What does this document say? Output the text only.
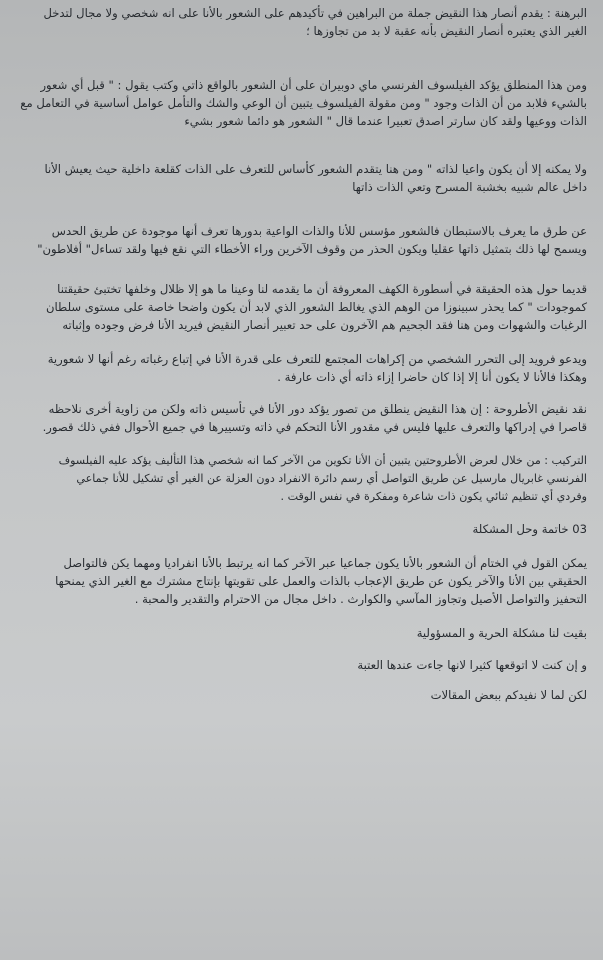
البرهنة : يقدم أنصار هذا النقيض جملة من البراهين في تأكيدهم على الشعور بالأنا على انه شخصي ولا مجال لتدخل
الغير الذي يعتبره أنصار النقيض بأنه عقبة لا بد من تجاوزها ؛
ومن هذا المنطلق يؤكد الفيلسوف الفرنسي ماي دوبيران على أن الشعور بالواقع ذاتي وكتب يقول : " قبل أي شعور
بالشيء فلابد من أن الذات وجود " ومن مقولة الفيلسوف يتبين أن الوعي والشك والتأمل عوامل أساسية في التعامل مع
الذات ووعيها ولقد كان سارتر اصدق تعبيرا عندما قال " الشعور هو دائما شعور بشيء
ولا يمكنه إلا أن يكون واعيا لذاته " ومن هنا يتقدم الشعور كأساس للتعرف على الذات كقلعة داخلية حيث يعيش الأنا
داخل عالم شبيه بخشبة المسرح وتعي الذات ذاتها
عن طرق ما يعرف بالاستبطان فالشعور مؤسس للأنا والذات الواعية بدورها تعرف أنها موجودة عن طريق الحدس
ويسمح لها ذلك بتمثيل ذاتها عقليا ويكون الحذر من وقوف الآخرين وراء الأخطاء التي نقع فيها ولقد تساءل" أفلاطون"
قديما حول هذه الحقيقة في أسطورة الكهف المعروفة أن ما يقدمه لنا وعينا ما هو إلا ظلال وخلفها تختبئ حقيقتنا
كموجودات " كما يحذر سبينوزا من الوهم الذي يغالط الشعور الذي لابد أن يكون واضحا خاصة على مستوى سلطان
الرغبات والشهوات ومن هنا فقد الجحيم هم الآخرون على حد تعبير أنصار النقيض فيريد الأنا فرض وجوده وإثباته
ويدعو فرويد إلى التحرر الشخصي من إكراهات المجتمع للتعرف على قدرة الأنا في إتباع رغباته رغم أنها لا شعورية
وهكذا فالأنا لا يكون أنا إلا إذا كان حاضرا إزاء ذاته أي ذات عارفة .
نقد نقيض الأطروحة : إن هذا النقيض ينطلق من تصور يؤكد دور الأنا في تأسيس ذاته ولكن من زاوية أخرى نلاحظه
قاصرا في إدراكها والتعرف عليها فليس في مقدور الأنا التحكم في ذاته وتسييرها في جميع الأحوال ففي ذلك قصور.
التركيب : من خلال لعرض الأطروحتين يتبين أن الأنا تكوين من الآخر كما انه شخصي هذا التأليف يؤكد عليه الفيلسوف
الفرنسي غابريال مارسيل عن طريق التواصل أي رسم دائرة الانفراد دون العزلة عن الغير أي تشكيل للأنا جماعي
وفردي أي تنظيم ثنائي يكون ذات شاعرة ومفكرة في نفس الوقت .
03 خاتمة وحل المشكلة
يمكن القول في الختام أن الشعور بالأنا يكون جماعيا عبر الآخر كما انه يرتبط بالأنا انفراديا ومهما يكن فالتواصل
الحقيقي بين الأنا والآخر يكون عن طريق الإعجاب بالذات والعمل على تقويتها بإنتاج مشترك مع الغير الذي يمنحها
التحفيز والتواصل الأصيل وتجاوز المآسي والكوارث . داخل مجال من الاحترام والتقدير والمحبة .
بقيت لنا مشكلة الحرية و المسؤولية
و إن كنت لا اتوقعها كثيرا لانها جاءت عندها العتبة
لكن لما لا نفيدكم ببعض المقالات
